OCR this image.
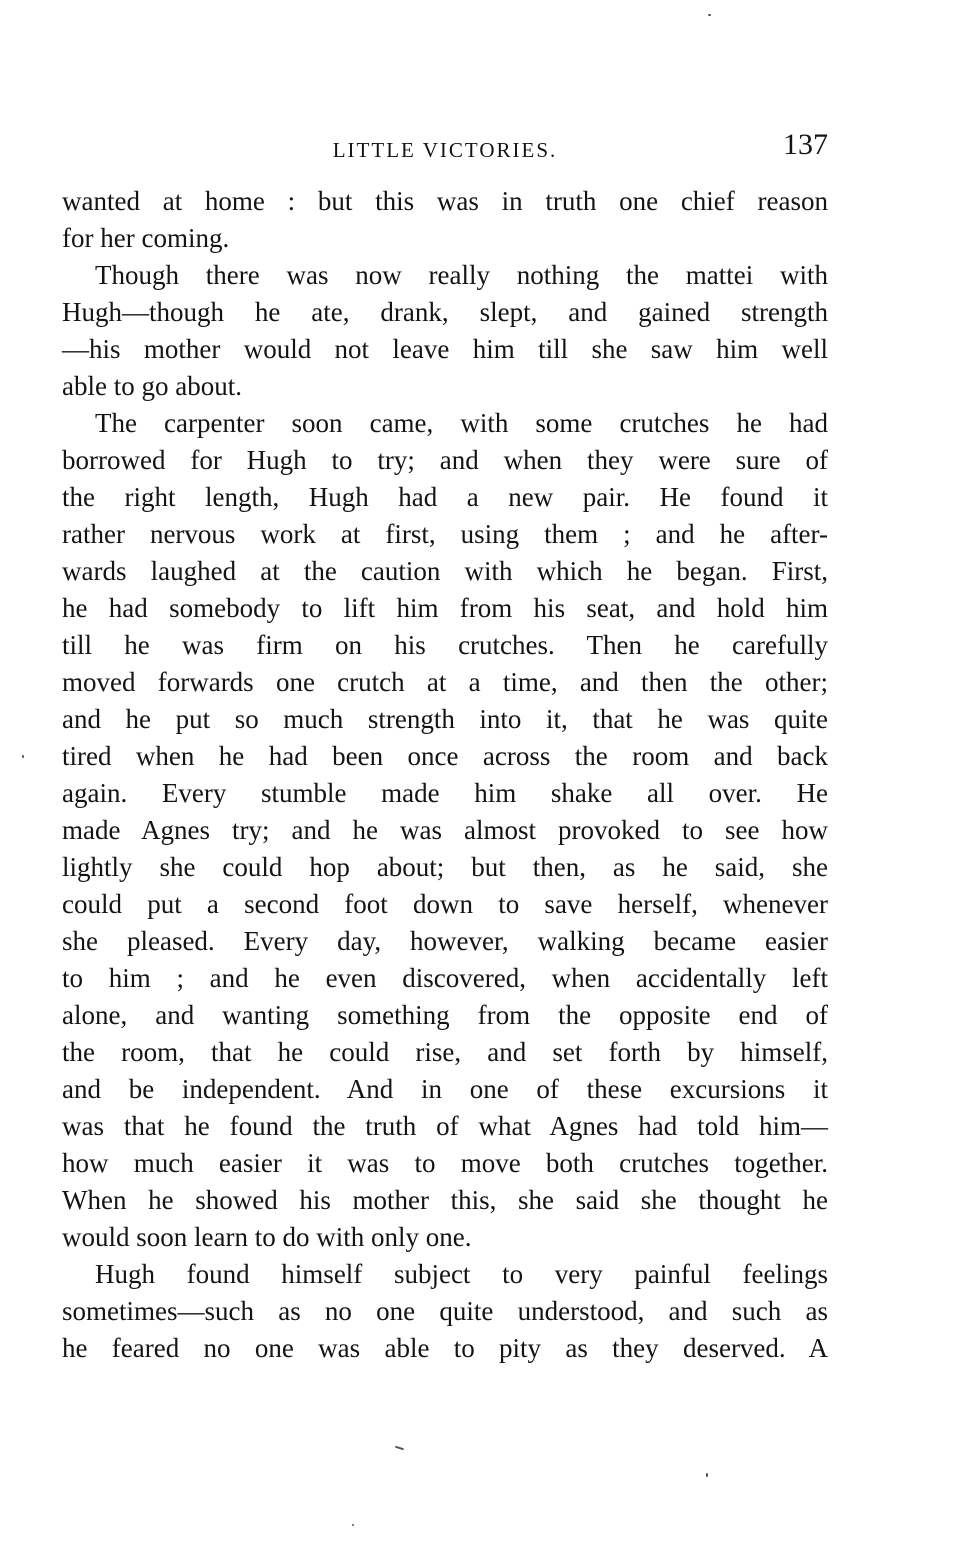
LITTLE VICTORIES.	137
wanted at home : but this was in truth one chief reason
for her coming.
Though there was now really nothing the mattei with
Hugh—though he ate, drank, slept, and gained strength
—his mother would not leave him till she saw him well
able to go about.
The carpenter soon came, with some crutches he had
borrowed for Hugh to try; and when they were sure of
the right length, Hugh had a new pair. He found it
rather nervous work at first, using them ; and he after-
wards laughed at the caution with which he began. First,
he had somebody to lift him from his seat, and hold him
till he was firm on his crutches. Then he carefully
moved forwards one crutch at a time, and then the other;
and he put so much strength into it, that he was quite
tired when he had been once across the room and back
again. Every stumble made him shake all over. He
made Agnes try; and he was almost provoked to see how
lightly she could hop about; but then, as he said, she
could put a second foot down to save herself, whenever
she pleased. Every day, however, walking became easier
to him ; and he even discovered, when accidentally left
alone, and wanting something from the opposite end of
the room, that he could rise, and set forth by himself,
and be independent. And in one of these excursions it
was that he found the truth of what Agnes had told him—
how much easier it was to move both crutches together.
When he showed his mother this, she said she thought he
would soon learn to do with only one.
Hugh found himself subject to very painful feelings
sometimes—such as no one quite understood, and such as
he feared no one was able to pity as they deserved. A
